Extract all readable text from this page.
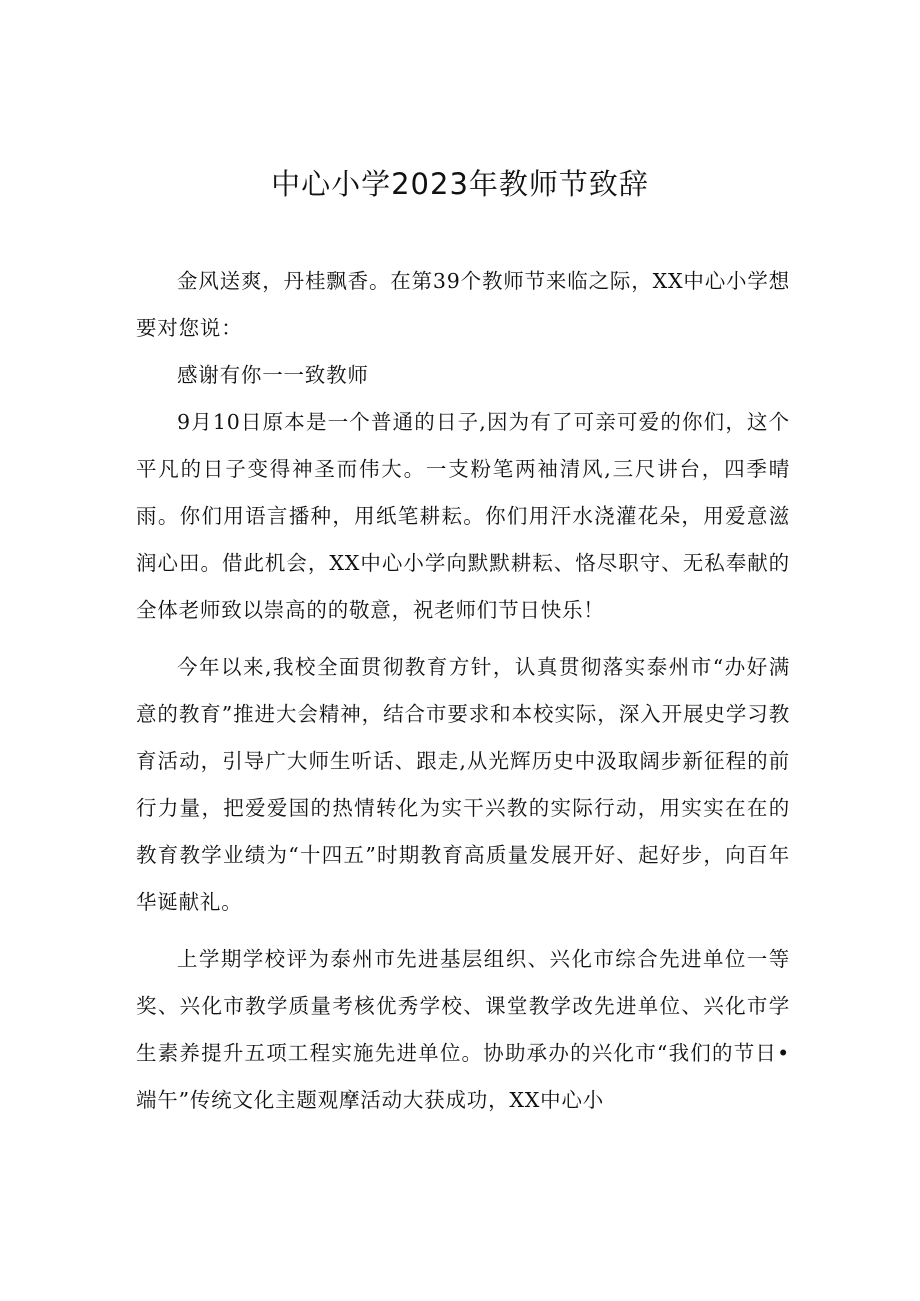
中心小学2023年教师节致辞

金风送爽，丹桂飘香。在第39个教师节来临之际，XX中心小学想要对您说：

感谢有你一一致教师

9月10日原本是一个普通的日子,因为有了可亲可爱的你们，这个平凡的日子变得神圣而伟大。一支粉笔两袖清风,三尺讲台，四季晴雨。你们用语言播种，用纸笔耕耘。你们用汗水浇灌花朵，用爱意滋润心田。借此机会，XX中心小学向默默耕耘、恪尽职守、无私奉献的全体老师致以崇高的的敬意，祝老师们节日快乐！

今年以来,我校全面贯彻教育方针，认真贯彻落实泰州市“办好满意的教育”推进大会精神，结合市要求和本校实际，深入开展史学习教育活动，引导广大师生听话、跟走,从光辉历史中汲取阔步新征程的前行力量，把爱爱国的热情转化为实干兴教的实际行动，用实实在在的教育教学业绩为“十四五”时期教育高质量发展开好、起好步，向百年华诞献礼。

上学期学校评为泰州市先进基层组织、兴化市综合先进单位一等奖、兴化市教学质量考核优秀学校、课堂教学改先进单位、兴化市学生素养提升五项工程实施先进单位。协助承办的兴化市“我们的节日•端午”传统文化主题观摩活动大获成功，XX中心小
